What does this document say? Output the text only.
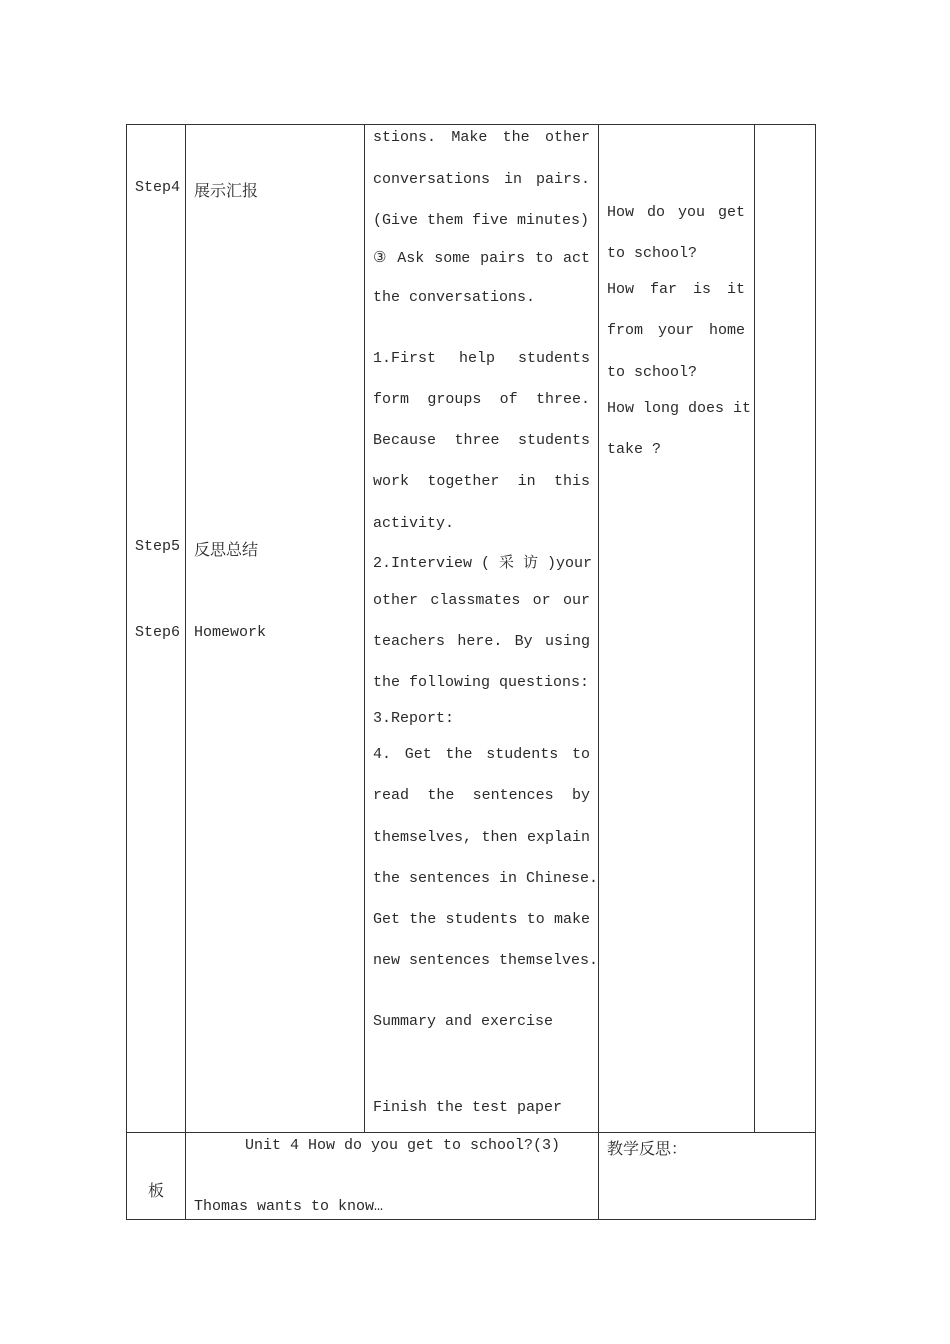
Step4 展示汇报
Step5 反思总结
Step6 Homework
stions. Make the other
conversations in pairs.
(Give them five minutes)
③ Ask some pairs to act
the conversations.
1.First help students
form groups of three.
Because three students
work together in this
activity.
2.Interview ( 采 访 )your
other classmates or our
teachers here. By using
the following questions:
3.Report:
4. Get the students to
read the sentences by
themselves, then explain
the sentences in Chinese.
Get the students to make
new sentences themselves.
Summary and exercise
Finish the test paper
How do you get
to school?
How far is it
from your home
to school?
How long does it
take ?
板
Unit 4 How do you get to school?(3)
Thomas wants to know…
教学反思：
